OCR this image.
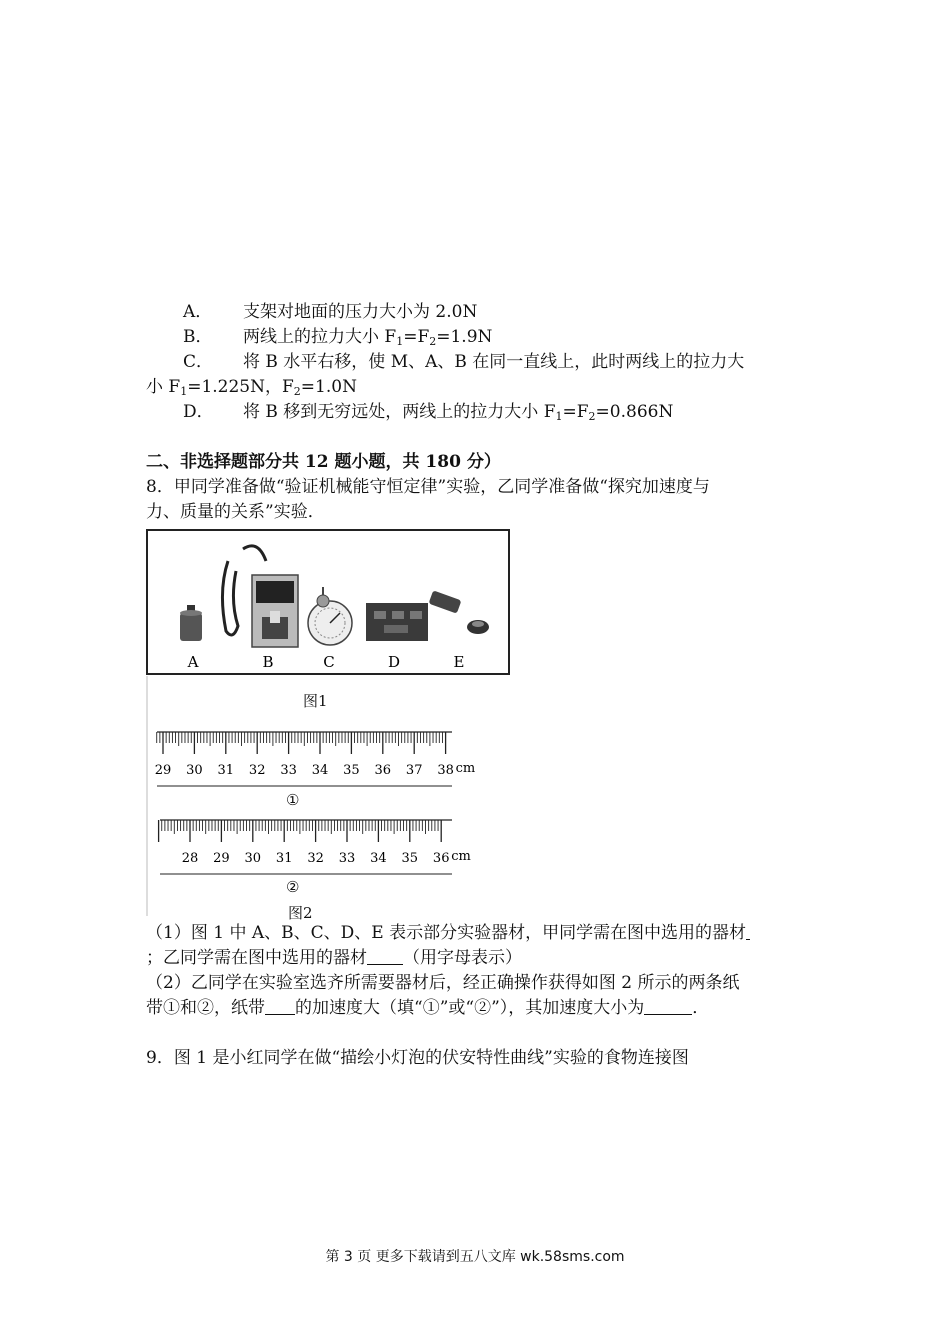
A． 支架对地面的压力大小为 2.0N
B． 两线上的拉力大小 $F_1=F_2=1.9N$
C． 将 B 水平右移，使 M、A、B 在同一直线上，此时两线上的拉力大
小 $F_1=1.225N$，$F_2=1.0N$
D． 将 B 移到无穷远处，两线上的拉力大小 $F_1=F_2=0.866N$
二、非选择题部分共 12 题小题，共 180 分）
8．甲同学准备做“验证机械能守恒定律”实验，乙同学准备做“探究加速度与
力、质量的关系”实验．
A	B	C	D	E
图1
29 30 31 32 33 34 35 36 37 38 cm
28 29 30 31 32 33 34 35 36 cm
①
②
图2
（1）图 1 中 A、B、C、D、E 表示部分实验器材，甲同学需在图中选用的器材
；乙同学需在图中选用的器材 （用字母表示）
（2）乙同学在实验室选齐所需要器材后，经正确操作获得如图 2 所示的两条纸
带①和②，纸带 的加速度大（填“①”或“②”），其加速度大小为	．
9．图 1 是小红同学在做“描绘小灯泡的伏安特性曲线”实验的食物连接图
第 3 页 更多下载请到五八文库 wk.58sms.com
